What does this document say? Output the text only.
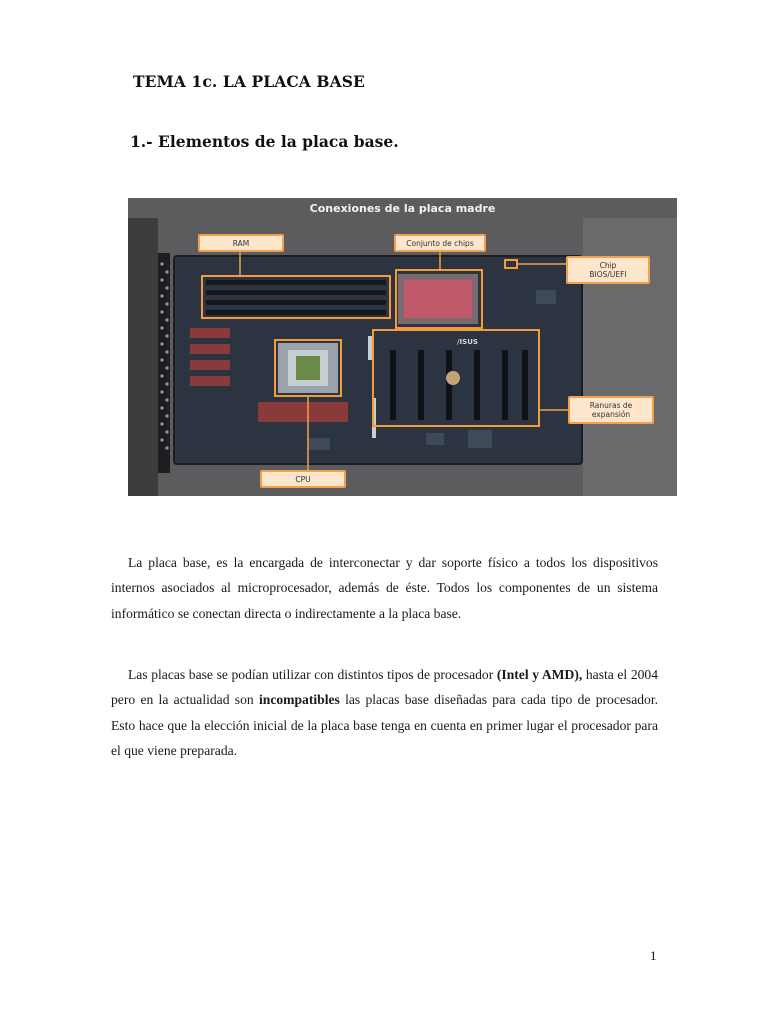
TEMA 1c. LA PLACA BASE
1.- Elementos de la placa base.
Conexiones de la placa madre
RAM	Conjunto de chips
Chip
BIOS/UEFI
Ranuras de
expansión
CPU
/ISUS

La placa base, es la encargada de interconectar y dar soporte físico a todos los dispositivos internos asociados al microprocesador, además de éste. Todos los componentes de un sistema informático se conectan directa o indirectamente a la placa base.

Las placas base se podían utilizar con distintos tipos de procesador (Intel y AMD), hasta el 2004 pero en la actualidad son incompatibles las placas base diseñadas para cada tipo de procesador. Esto hace que la elección inicial de la placa base tenga en cuenta en primer lugar el procesador para el que viene preparada.

1
